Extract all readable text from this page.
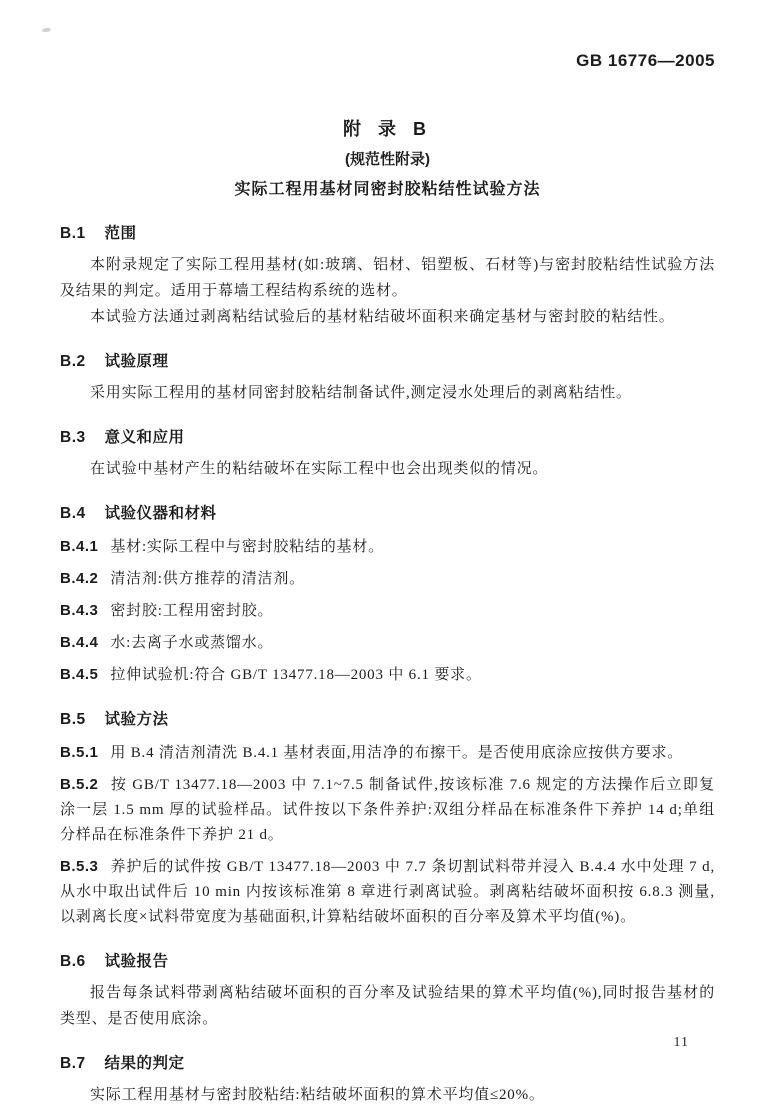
GB 16776—2005

附 录 B

(规范性附录)

实际工程用基材同密封胶粘结性试验方法

B.1 范围

本附录规定了实际工程用基材(如:玻璃、铝材、铝塑板、石材等)与密封胶粘结性试验方法及结果的判定。适用于幕墙工程结构系统的选材。

本试验方法通过剥离粘结试验后的基材粘结破坏面积来确定基材与密封胶的粘结性。

B.2 试验原理

采用实际工程用的基材同密封胶粘结制备试件,测定浸水处理后的剥离粘结性。

B.3 意义和应用

在试验中基材产生的粘结破坏在实际工程中也会出现类似的情况。

B.4 试验仪器和材料

B.4.1 基材:实际工程中与密封胶粘结的基材。

B.4.2 清洁剂:供方推荐的清洁剂。

B.4.3 密封胶:工程用密封胶。

B.4.4 水:去离子水或蒸馏水。

B.4.5 拉伸试验机:符合 GB/T 13477.18—2003 中 6.1 要求。

B.5 试验方法

B.5.1 用 B.4 清洁剂清洗 B.4.1 基材表面,用洁净的布擦干。是否使用底涂应按供方要求。

B.5.2 按 GB/T 13477.18—2003 中 7.1~7.5 制备试件,按该标准 7.6 规定的方法操作后立即复涂一层 1.5 mm 厚的试验样品。试件按以下条件养护:双组分样品在标准条件下养护 14 d;单组分样品在标准条件下养护 21 d。

B.5.3 养护后的试件按 GB/T 13477.18—2003 中 7.7 条切割试料带并浸入 B.4.4 水中处理 7 d,从水中取出试件后 10 min 内按该标准第 8 章进行剥离试验。剥离粘结破坏面积按 6.8.3 测量,以剥离长度×试料带宽度为基础面积,计算粘结破坏面积的百分率及算术平均值(%)。

B.6 试验报告

报告每条试料带剥离粘结破坏面积的百分率及试验结果的算术平均值(%),同时报告基材的类型、是否使用底涂。

B.7 结果的判定

实际工程用基材与密封胶粘结:粘结破坏面积的算术平均值≤20%。

11
